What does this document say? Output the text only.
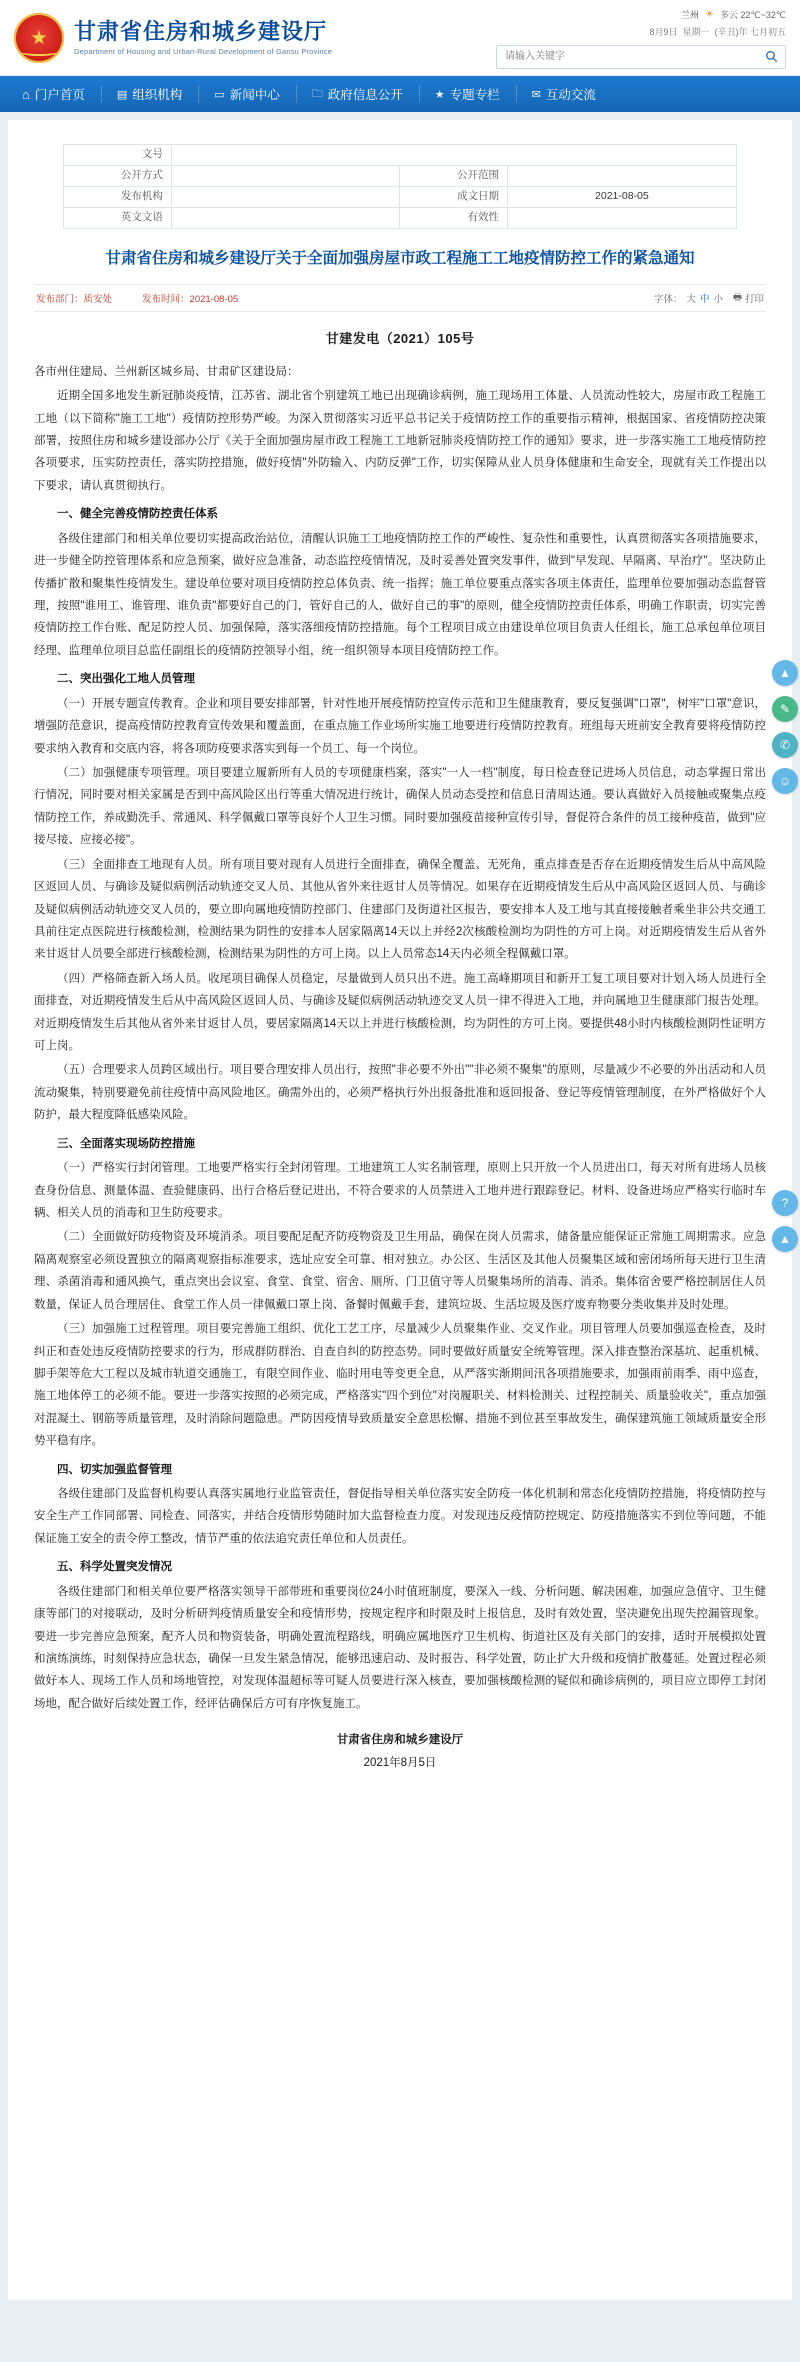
★ 甘肃省住房和城乡建设厅
Department of Housing and Urban-Rural Development of Gansu Province
兰州 ☀ 多云 22℃~32℃
8月9日 星期一 (辛丑)年 七月初五
请输入关键字
⌂ 门户首页	▤ 组织机构	▭ 新闻中心	🗀 政府信息公开	★ 专题专栏	✉ 互动交流
文号			
公开方式		公开范围	
发布机构		成文日期	2021-08-05
英文文语		有效性	
甘肃省住房和城乡建设厅关于全面加强房屋市政工程施工工地疫情防控工作的紧急通知
发布部门：质安处	发布时间：2021-08-05	字体： 大 中 小 🖶 打印
甘建发电（2021）105号

各市州住建局、兰州新区城乡局、甘肃矿区建设局：

近期全国多地发生新冠肺炎疫情，江苏省、湖北省个别建筑工地已出现确诊病例，施工现场用工体量、人员流动性较大，房屋市政工程施工工地（以下简称"施工工地"）疫情防控形势严峻。为深入贯彻落实习近平总书记关于疫情防控工作的重要指示精神，根据国家、省疫情防控决策部署，按照住房和城乡建设部办公厅《关于全面加强房屋市政工程施工工地新冠肺炎疫情防控工作的通知》要求，进一步落实施工工地疫情防控各项要求，压实防控责任，落实防控措施，做好疫情"外防输入、内防反弹"工作，切实保障从业人员身体健康和生命安全，现就有关工作提出以下要求，请认真贯彻执行。

一、健全完善疫情防控责任体系

各级住建部门和相关单位要切实提高政治站位，清醒认识施工工地疫情防控工作的严峻性、复杂性和重要性，认真贯彻落实各项措施要求，进一步健全防控管理体系和应急预案，做好应急准备，动态监控疫情情况，及时妥善处置突发事件，做到"早发现、早隔离、早治疗"。坚决防止传播扩散和聚集性疫情发生。建设单位要对项目疫情防控总体负责、统一指挥；施工单位要重点落实各项主体责任，监理单位要加强动态监督管理，按照"谁用工、谁管理、谁负责"都要好自己的门，管好自己的人，做好自己的事"的原则，健全疫情防控责任体系，明确工作职责，切实完善疫情防控工作台账、配足防控人员、加强保障，落实落细疫情防控措施。每个工程项目成立由建设单位项目负责人任组长，施工总承包单位项目经理、监理单位项目总监任副组长的疫情防控领导小组，统一组织领导本项目疫情防控工作。

二、突出强化工地人员管理

（一）开展专题宣传教育。企业和项目要安排部署，针对性地开展疫情防控宣传示范和卫生健康教育，要反复强调"口罩"，树牢"口罩"意识，增强防范意识，提高疫情防控教育宣传效果和覆盖面，在重点施工作业场所实施工地要进行疫情防控教育。班组每天班前安全教育要将疫情防控要求纳入教育和交底内容，将各项防疫要求落实到每一个员工、每一个岗位。

（二）加强健康专项管理。项目要建立履新所有人员的专项健康档案，落实"一人一档"制度，每日检查登记进场人员信息，动态掌握日常出行情况，同时要对相关家属是否到中高风险区出行等重大情况进行统计，确保人员动态受控和信息日清周达通。要认真做好入员接触或聚集点疫情防控工作，养成勤洗手、常通风、科学佩戴口罩等良好个人卫生习惯。同时要加强疫苗接种宣传引导，督促符合条件的员工接种疫苗，做到"应接尽接、应接必接"。

（三）全面排查工地现有人员。所有项目要对现有人员进行全面排查，确保全覆盖、无死角，重点排查是否存在近期疫情发生后从中高风险区返回人员、与确诊及疑似病例活动轨迹交叉人员、其他从省外来往返甘人员等情况。如果存在近期疫情发生后从中高风险区返回人员、与确诊及疑似病例活动轨迹交叉人员的，要立即向属地疫情防控部门、住建部门及街道社区报告，要安排本人及工地与其直接接触者乘坐非公共交通工具前往定点医院进行核酸检测，检测结果为阴性的安排本人居家隔离14天以上并经2次核酸检测均为阴性的方可上岗。对近期疫情发生后从省外来甘返甘人员要全部进行核酸检测，检测结果为阴性的方可上岗。以上人员常态14天内必须全程佩戴口罩。

（四）严格筛查新入场人员。收尾项目确保人员稳定，尽量做到人员只出不进。施工高峰期项目和新开工复工项目要对计划入场人员进行全面排查，对近期疫情发生后从中高风险区返回人员、与确诊及疑似病例活动轨迹交叉人员一律不得进入工地，并向属地卫生健康部门报告处理。对近期疫情发生后其他从省外来甘返甘人员，要居家隔离14天以上并进行核酸检测，均为阴性的方可上岗。要提供48小时内核酸检测阴性证明方可上岗。

（五）合理要求人员跨区域出行。项目要合理安排人员出行，按照"非必要不外出""非必须不聚集"的原则，尽量减少不必要的外出活动和人员流动聚集，特别要避免前往疫情中高风险地区。确需外出的，必须严格执行外出报备批准和返回报备、登记等疫情管理制度，在外严格做好个人防护，最大程度降低感染风险。

三、全面落实现场防控措施

（一）严格实行封闭管理。工地要严格实行全封闭管理。工地建筑工人实名制管理，原则上只开放一个人员进出口，每天对所有进场人员核查身份信息、测量体温、查验健康码、出行合格后登记进出，不符合要求的人员禁进入工地并进行跟踪登记。材料、设备进场应严格实行临时车辆、相关人员的消毒和卫生防疫要求。

（二）全面做好防疫物资及环境消杀。项目要配足配齐防疫物资及卫生用品，确保在岗人员需求，储备量应能保证正常施工周期需求。应急隔离观察室必须设置独立的隔离观察指标准要求，选址应安全可靠、相对独立。办公区、生活区及其他人员聚集区域和密闭场所每天进行卫生清理、杀菌消毒和通风换气，重点突出会议室、食堂、食堂、宿舍、厕所、门卫值守等人员聚集场所的消毒、消杀。集体宿舍要严格控制居住人员数量，保证人员合理居住、食堂工作人员一律佩戴口罩上岗、备餐时佩戴手套，建筑垃圾、生活垃圾及医疗废弃物要分类收集并及时处理。

（三）加强施工过程管理。项目要完善施工组织、优化工艺工序，尽量减少人员聚集作业、交叉作业。项目管理人员要加强巡查检查，及时纠正和查处违反疫情防控要求的行为，形成群防群治、自查自纠的防控态势。同时要做好质量安全统筹管理。深入排查整治深基坑、起重机械、脚手架等危大工程以及城市轨道交通施工，有限空间作业、临时用电等变更全息，从严落实渐期间汛各项措施要求，加强雨前雨季、雨中巡查，施工地体停工的必须不能。要进一步落实按照的必须完成，严格落实"四个到位"对岗履职关、材料检测关、过程控制关、质量验收关"，重点加强对混凝土、钢筋等质量管理，及时消除问题隐患。严防因疫情导致质量安全意思松懈、措施不到位甚至事故发生，确保建筑施工领域质量安全形势平稳有序。

四、切实加强监督管理

各级住建部门及监督机构要认真落实属地行业监管责任，督促指导相关单位落实安全防疫一体化机制和常态化疫情防控措施，将疫情防控与安全生产工作同部署、同检查、同落实，并结合疫情形势随时加大监督检查力度。对发现违反疫情防控规定、防疫措施落实不到位等问题，不能保证施工安全的责令停工整改，情节严重的依法追究责任单位和人员责任。

五、科学处置突发情况

各级住建部门和相关单位要严格落实领导干部带班和重要岗位24小时值班制度，要深入一线、分析问题、解决困难，加强应急值守、卫生健康等部门的对接联动，及时分析研判疫情质量安全和疫情形势，按规定程序和时限及时上报信息，及时有效处置，坚决避免出现失控漏管现象。要进一步完善应急预案，配齐人员和物资装备，明确处置流程路线，明确应属地医疗卫生机构、街道社区及有关部门的安排，适时开展模拟处置和演练演练，时刻保持应急状态，确保一旦发生紧急情况，能够迅速启动、及时报告、科学处置，防止扩大升级和疫情扩散蔓延。处置过程必须做好本人、现场工作人员和场地管控，对发现体温超标等可疑人员要进行深入核查，要加强核酸检测的疑似和确诊病例的，项目应立即停工封闭场地，配合做好后续处置工作，经评估确保后方可有序恢复施工。

甘肃省住房和城乡建设厅
2021年8月5日
▲
✎
✆
☺
?
▲
